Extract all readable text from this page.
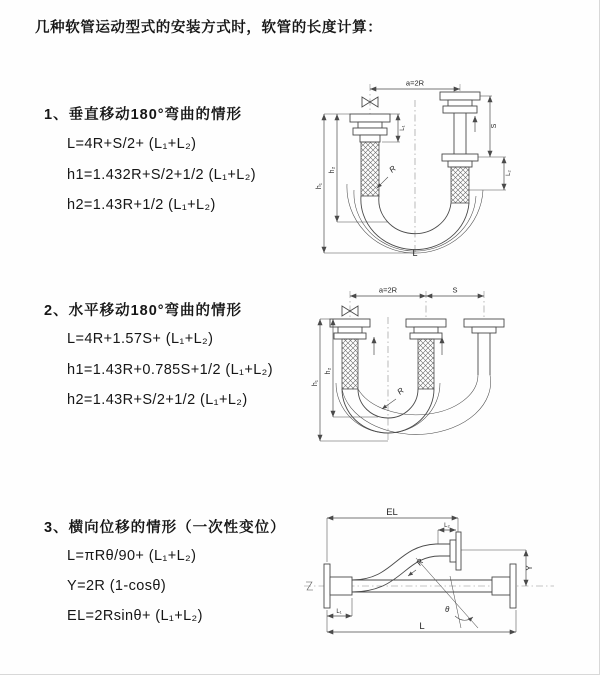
几种软管运动型式的安装方式时，软管的长度计算：
1、垂直移动180°弯曲的情形
L=4R+S/2+ (L₁+L₂)
h1=1.432R+S/2+1/2 (L₁+L₂)
h2=1.43R+1/2 (L₁+L₂)
a=2R
h₁
h₂
L₁	S
L₂
R
L
2、水平移动180°弯曲的情形
L=4R+1.57S+ (L₁+L₂)
h1=1.43R+0.785S+1/2 (L₁+L₂)
h2=1.43R+S/2+1/2 (L₁+L₂)
a=2R	S
h₁
h₂
R
3、横向位移的情形（一次性变位）
L=πRθ/90+ (L₁+L₂)
Y=2R (1-cosθ)
EL=2Rsinθ+ (L₁+L₂)
EL
L₂
Y
θ
R
L₁
L
